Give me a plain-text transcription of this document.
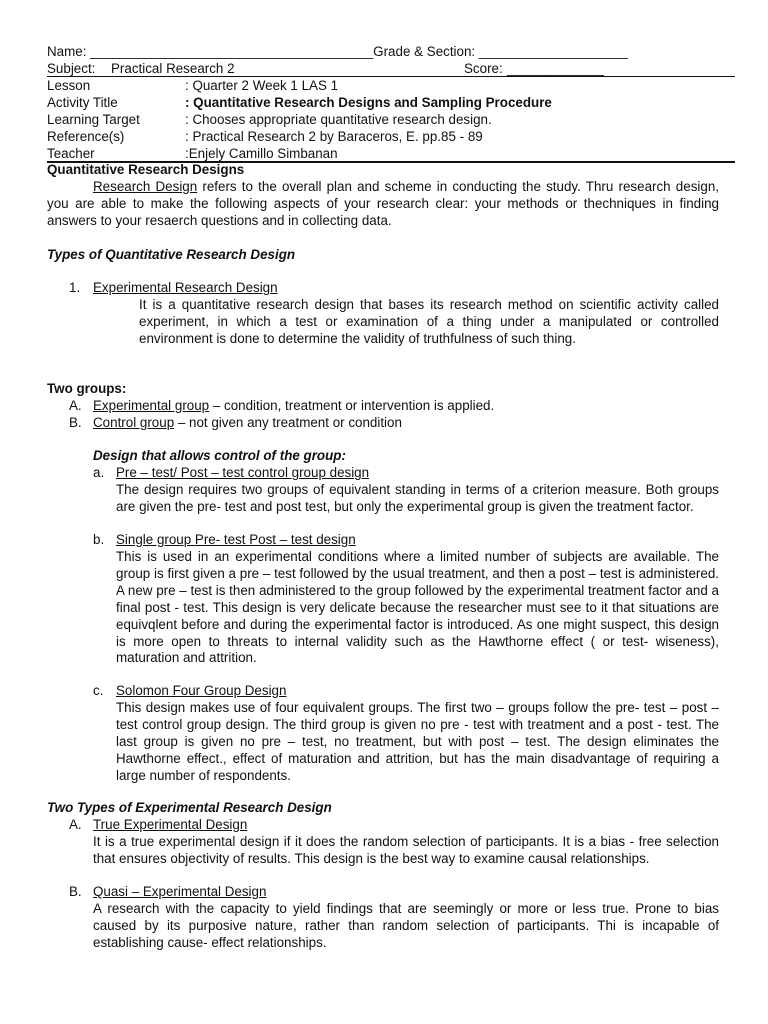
Name: ______________________________________Grade & Section: ____________________
Subject: Practical Research 2	Score: _____________
Lesson	: Quarter 2 Week 1 LAS 1
Activity Title	: Quantitative Research Designs and Sampling Procedure
Learning Target	: Chooses appropriate quantitative research design.
Reference(s)	: Practical Research 2 by Baraceros, E. pp.85 - 89
Teacher	:Enjely Camillo Simbanan
Quantitative Research Designs
Research Design refers to the overall plan and scheme in conducting the study. Thru research design, you are able to make the following aspects of your research clear: your methods or thechniques in finding answers to your resaerch questions and in collecting data.
Types of Quantitative Research Design
1. Experimental Research Design
It is a quantitative research design that bases its research method on scientific activity called experiment, in which a test or examination of a thing under a manipulated or controlled environment is done to determine the validity of truthfulness of such thing.
Two groups:
A. Experimental group – condition, treatment or intervention is applied.
B. Control group – not given any treatment or condition
Design that allows control of the group:
a. Pre – test/ Post – test control group design
The design requires two groups of equivalent standing in terms of a criterion measure. Both groups are given the pre- test and post test, but only the experimental group is given the treatment factor.
b. Single group Pre- test Post – test design
This is used in an experimental conditions where a limited number of subjects are available. The group is first given a pre – test followed by the usual treatment, and then a post – test is administered. A new pre – test is then administered to the group followed by the experimental treatment factor and a final post - test. This design is very delicate because the researcher must see to it that situations are equivqlent before and during the experimental factor is introduced. As one might suspect, this design is more open to threats to internal validity such as the Hawthorne effect ( or test- wiseness), maturation and attrition.
c. Solomon Four Group Design
This design makes use of four equivalent groups. The first two – groups follow the pre- test – post – test control group design. The third group is given no pre - test with treatment and a post - test. The last group is given no pre – test, no treatment, but with post – test. The design eliminates the Hawthorne effect., effect of maturation and attrition, but has the main disadvantage of requiring a large number of respondents.
Two Types of Experimental Research Design
A. True Experimental Design
It is a true experimental design if it does the random selection of participants. It is a bias - free selection that ensures objectivity of results. This design is the best way to examine causal relationships.
B. Quasi – Experimental Design
A research with the capacity to yield findings that are seemingly or more or less true. Prone to bias caused by its purposive nature, rather than random selection of participants. Thi is incapable of establishing cause- effect relationships.
